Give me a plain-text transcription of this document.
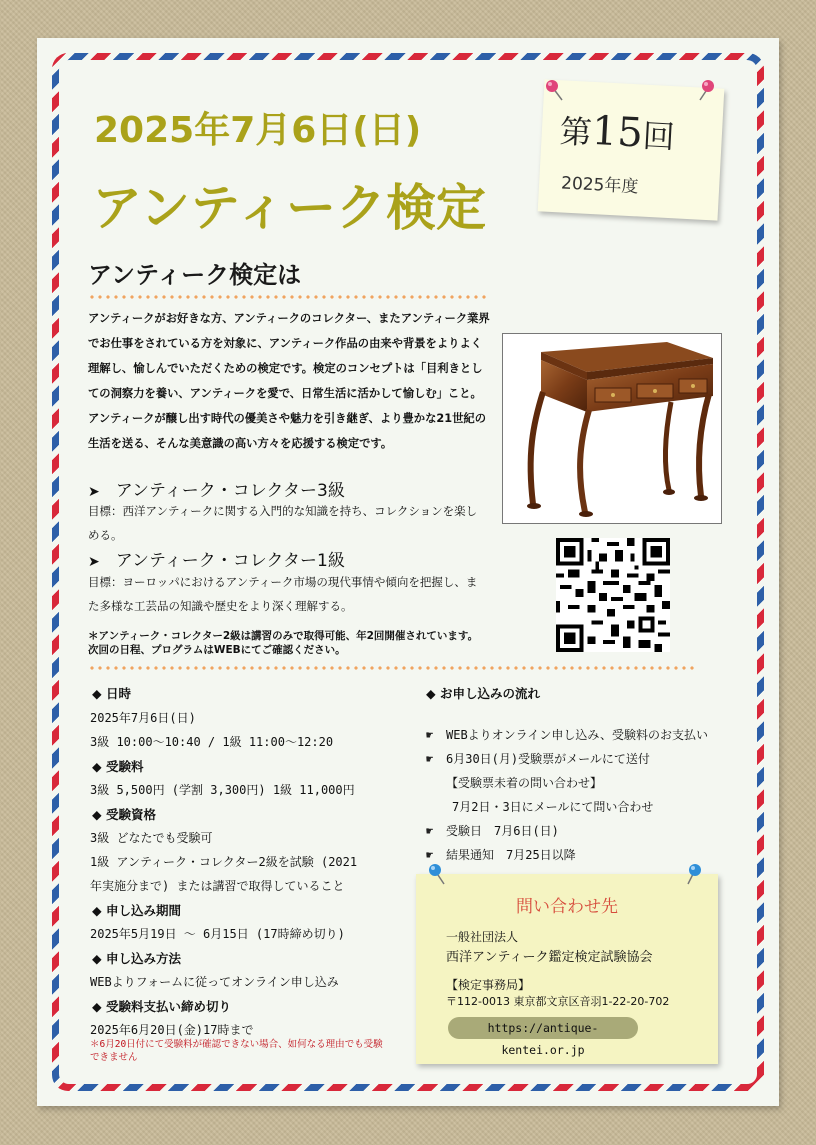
2025年7月6日(日)
アンティーク検定
第15回
2025年度
アンティーク検定は
アンティークがお好きな方、アンティークのコレクター、またアンティーク業界でお仕事をされている方を対象に、アンティーク作品の由来や背景をよりよく理解し、愉しんでいただくための検定です。検定のコンセプトは「目利きとしての洞察力を養い、アンティークを愛で、日常生活に活かして愉しむ」こと。アンティークが醸し出す時代の優美さや魅力を引き継ぎ、より豊かな21世紀の生活を送る、そんな美意識の高い方々を応援する検定です。
➤ アンティーク・コレクター3級
目標：西洋アンティークに関する入門的な知識を持ち、コレクションを楽しめる。
➤ アンティーク・コレクター1級
目標：ヨーロッパにおけるアンティーク市場の現代事情や傾向を把握し、また多様な工芸品の知識や歴史をより深く理解する。
＊アンティーク・コレクター2級は講習のみで取得可能、年2回開催されています。
次回の日程、プログラムはWEBにてご確認ください。
◆ 日時
2025年7月6日(日)
3級 10:00〜10:40 / 1級 11:00〜12:20
◆ 受験料
3級 5,500円 (学割 3,300円) 1級 11,000円
◆ 受験資格
3級 どなたでも受験可
1級 アンティーク・コレクター2級を試験 (2021
年実施分まで) または講習で取得していること
◆ 申し込み期間
2025年5月19日 〜 6月15日 (17時締め切り)
◆ 申し込み方法
WEBよりフォームに従ってオンライン申し込み
◆ 受験料支払い締め切り
2025年6月20日(金)17時まで
＊6月20日付にて受験料が確認できない場合、如何なる理由でも受験できません
◆ お申し込みの流れ
☛ WEBよりオンライン申し込み、受験料のお支払い
☛ 6月30日(月)受験票がメールにて送付
【受験票未着の問い合わせ】
7月2日・3日にメールにて問い合わせ
☛ 受験日　7月6日(日)
☛ 結果通知　7月25日以降
問い合わせ先
一般社団法人
西洋アンティーク鑑定検定試験協会
【検定事務局】
〒112-0013 東京都文京区音羽1-22-20-702
https://antique-kentei.or.jp
